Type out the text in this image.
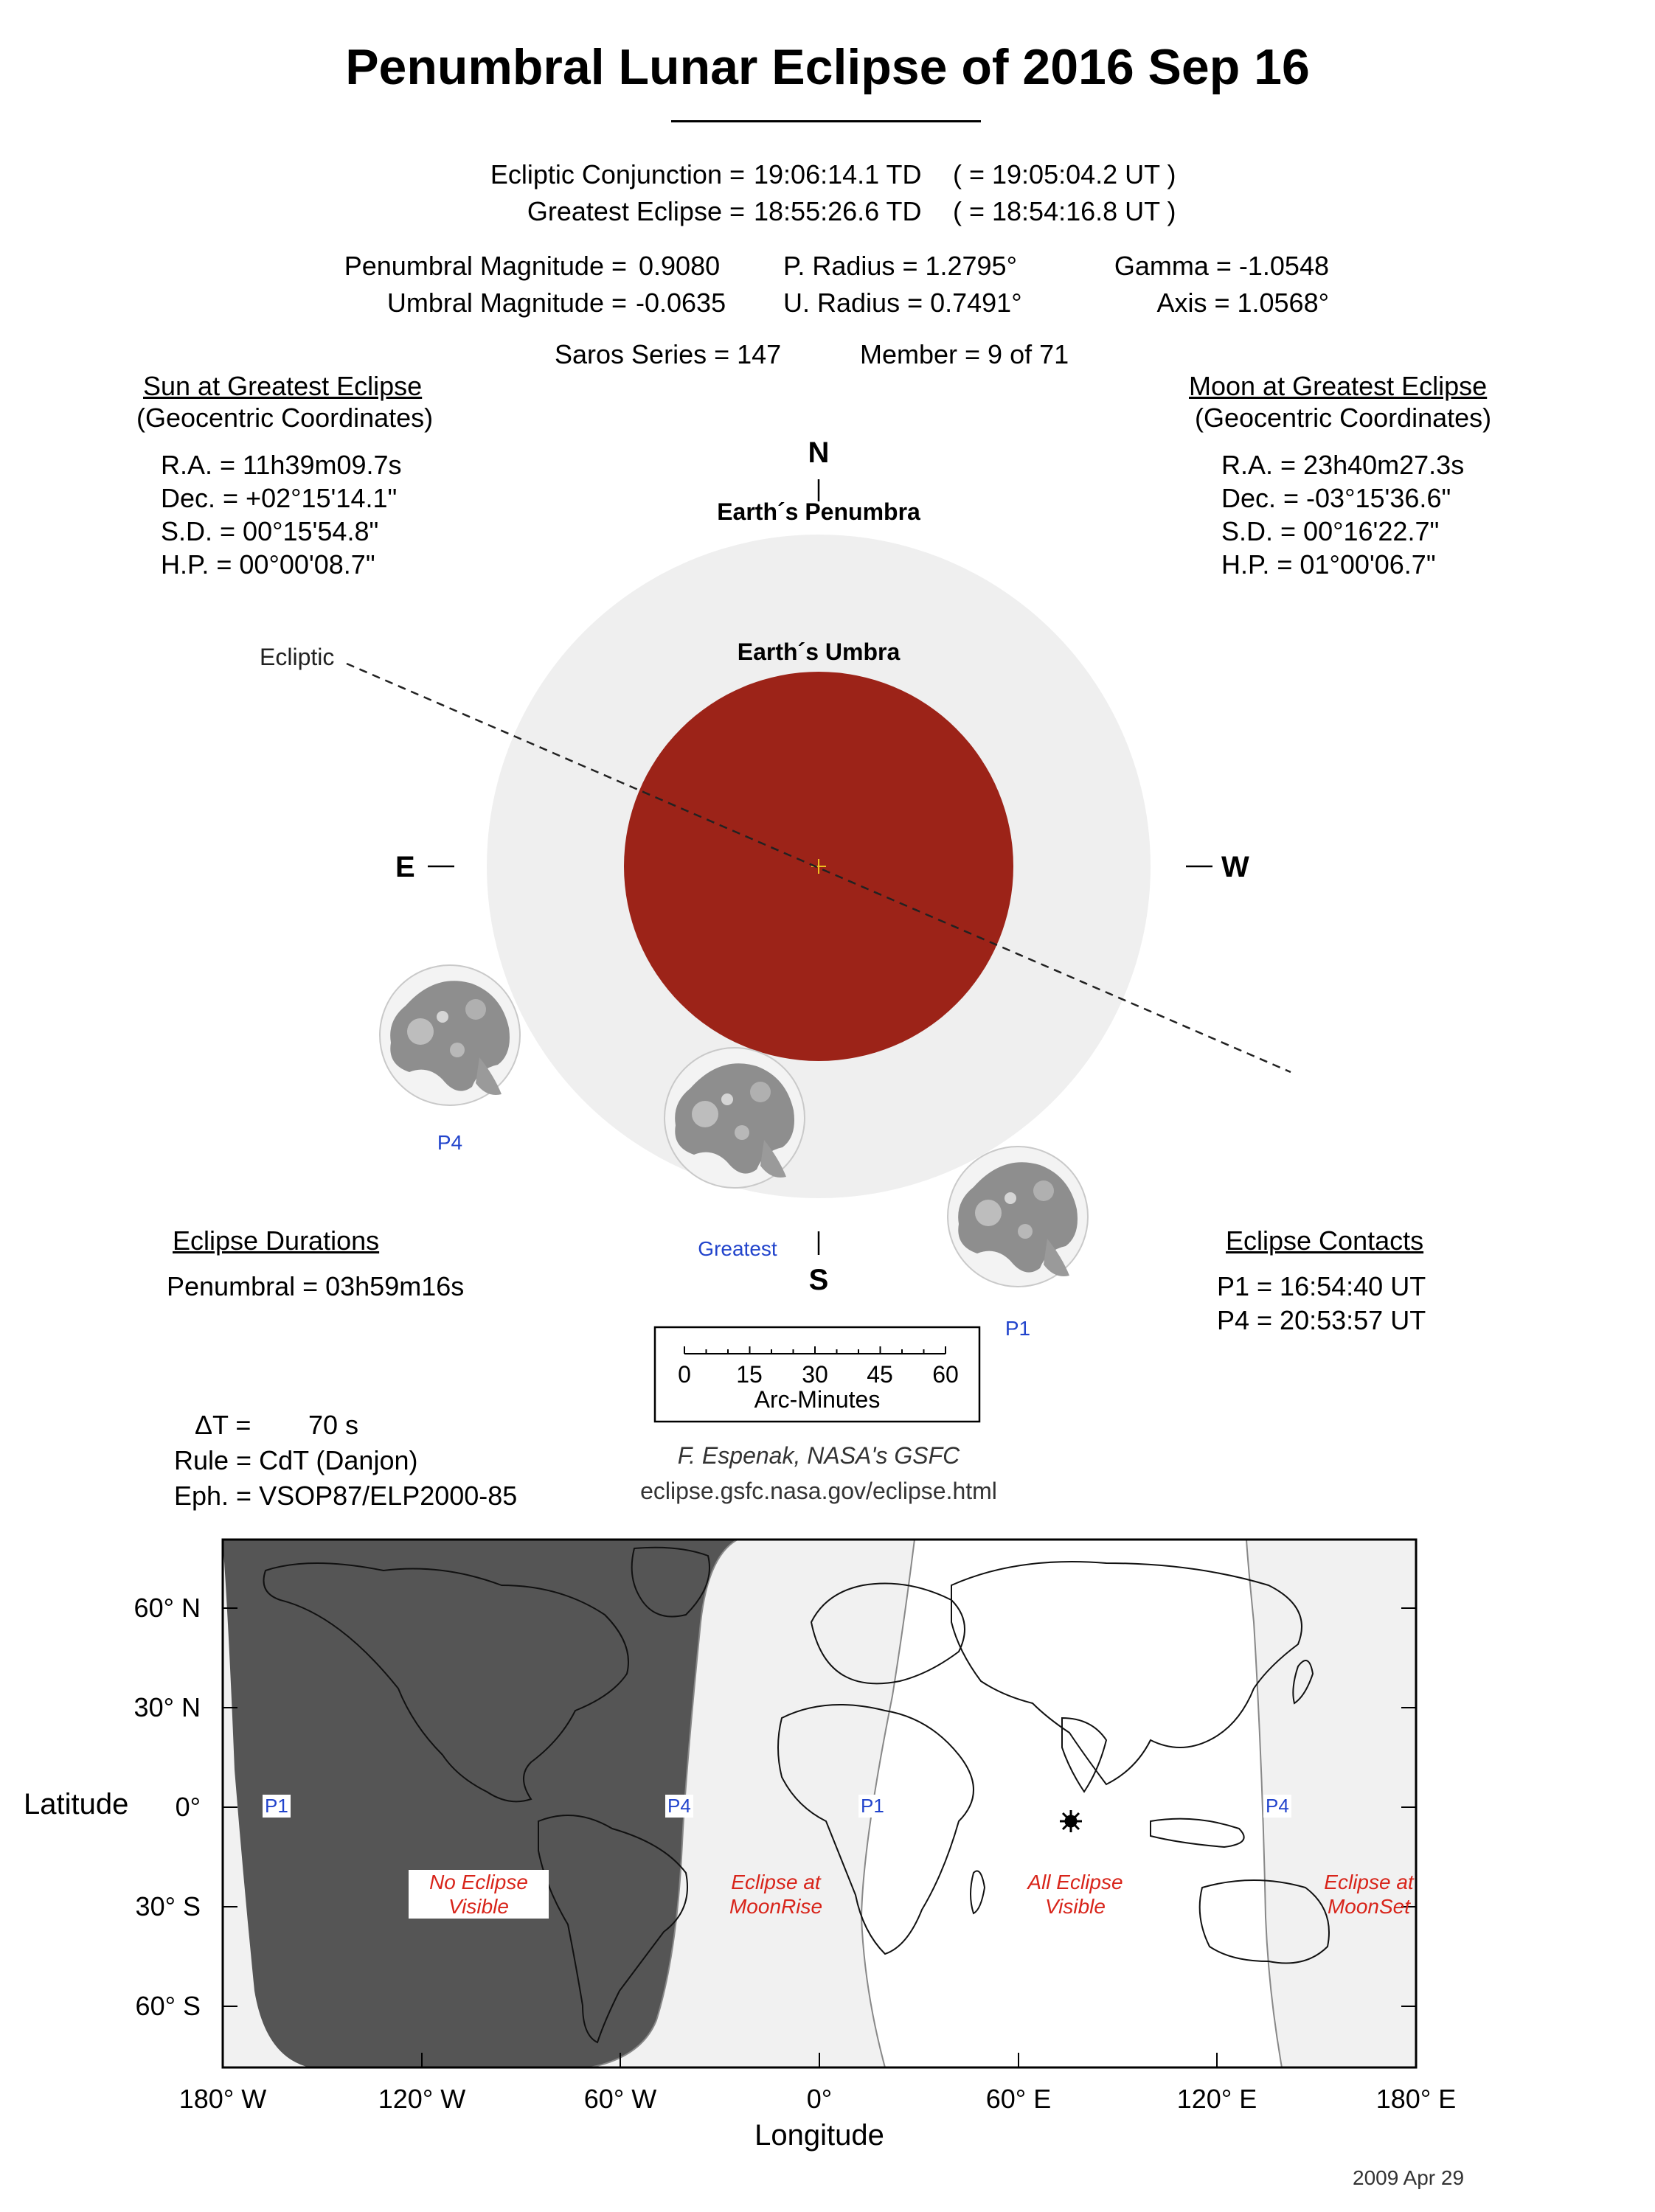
Penumbral Lunar Eclipse of 2016 Sep 16
Ecliptic Conjunction = 19:06:14.1 TD ( = 19:05:04.2 UT )
Greatest Eclipse = 18:55:26.6 TD ( = 18:54:16.8 UT )
Penumbral Magnitude = 0.9080
Umbral Magnitude = -0.0635
P. Radius = 1.2795°
U. Radius = 0.7491°
Gamma = -1.0548
Axis = 1.0568°
Saros Series = 147	Member = 9 of 71
Sun at Greatest Eclipse
(Geocentric Coordinates)
R.A. = 11h39m09.7s
Dec. = +02°15'14.1"
S.D. = 00°15'54.8"
H.P. = 00°00'08.7"
Moon at Greatest Eclipse
(Geocentric Coordinates)
R.A. = 23h40m27.3s
Dec. = -03°15'36.6"
S.D. = 00°16'22.7"
H.P. = 01°00'06.7"
N
Earth´s Penumbra
Earth´s Umbra
Ecliptic
E	W
S
P4
Greatest
P1
0	15	30	45	60
Arc-Minutes
Eclipse Durations
Penumbral = 03h59m16s
Eclipse Contacts
P1 = 16:54:40 UT
P4 = 20:53:57 UT
ΔT = 70 s
Rule = CdT (Danjon)
Eph. = VSOP87/ELP2000-85
F. Espenak, NASA's GSFC
eclipse.gsfc.nasa.gov/eclipse.html
60° N
30° N
0°
30° S
60° S
Latitude
180° W	120° W	60° W	0°	60° E	120° E	180° E
Longitude
P1	P4	P1	P4
No Eclipse
Visible
Eclipse at
MoonRise
All Eclipse
Visible
Eclipse at
MoonSet
2009 Apr 29
